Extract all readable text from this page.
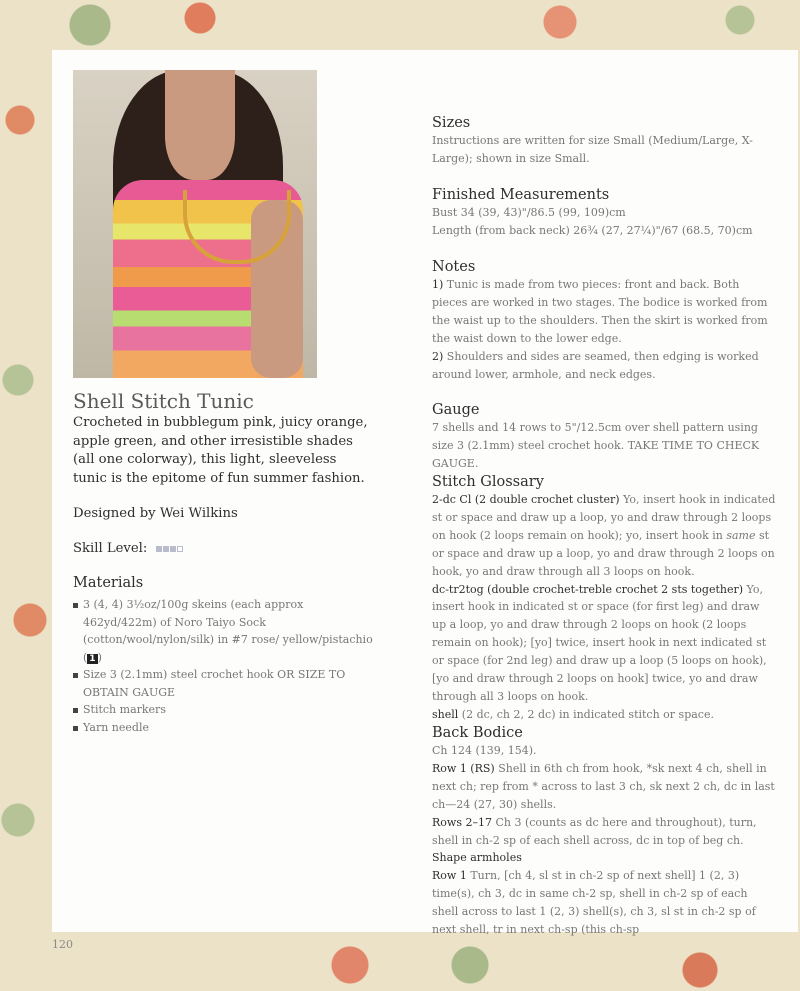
Shell Stitch Tunic
Crocheted in bubblegum pink, juicy orange, apple green, and other irresistible shades (all one colorway), this light, sleeveless tunic is the epitome of fun summer fashion.
Designed by Wei Wilkins
Skill Level:
Materials
3 (4, 4) 3½oz/100g skeins (each approx 462yd/422m) of Noro Taiyo Sock (cotton/wool/nylon/silk) in #7 rose/ yellow/pistachio ( 1 )
Size 3 (2.1mm) steel crochet hook OR SIZE TO OBTAIN GAUGE
Stitch markers
Yarn needle
Sizes
Instructions are written for size Small (Medium/Large, X-Large); shown in size Small.
Finished Measurements
Bust 34 (39, 43)"/86.5 (99, 109)cm
Length (from back neck) 26¾ (27, 27¼)"/67 (68.5, 70)cm
Notes
1) Tunic is made from two pieces: front and back. Both pieces are worked in two stages. The bodice is worked from the waist up to the shoulders. Then the skirt is worked from the waist down to the lower edge.
2) Shoulders and sides are seamed, then edging is worked around lower, armhole, and neck edges.
Gauge
7 shells and 14 rows to 5"/12.5cm over shell pattern using size 3 (2.1mm) steel crochet hook. TAKE TIME TO CHECK GAUGE.
Stitch Glossary
2-dc Cl (2 double crochet cluster) Yo, insert hook in indicated st or space and draw up a loop, yo and draw through 2 loops on hook (2 loops remain on hook); yo, insert hook in same st or space and draw up a loop, yo and draw through 2 loops on hook, yo and draw through all 3 loops on hook.
dc-tr2tog (double crochet-treble crochet 2 sts together) Yo, insert hook in indicated st or space (for first leg) and draw up a loop, yo and draw through 2 loops on hook (2 loops remain on hook); [yo] twice, insert hook in next indicated st or space (for 2nd leg) and draw up a loop (5 loops on hook), [yo and draw through 2 loops on hook] twice, yo and draw through all 3 loops on hook.
shell (2 dc, ch 2, 2 dc) in indicated stitch or space.
Back Bodice
Ch 124 (139, 154).
Row 1 (RS) Shell in 6th ch from hook, *sk next 4 ch, shell in next ch; rep from * across to last 3 ch, sk next 2 ch, dc in last ch—24 (27, 30) shells.
Rows 2–17 Ch 3 (counts as dc here and throughout), turn, shell in ch-2 sp of each shell across, dc in top of beg ch.
Shape armholes
Row 1 Turn, [ch 4, sl st in ch-2 sp of next shell] 1 (2, 3) time(s), ch 3, dc in same ch-2 sp, shell in ch-2 sp of each shell across to last 1 (2, 3) shell(s), ch 3, sl st in ch-2 sp of next shell, tr in next ch-sp (this ch-sp
120
